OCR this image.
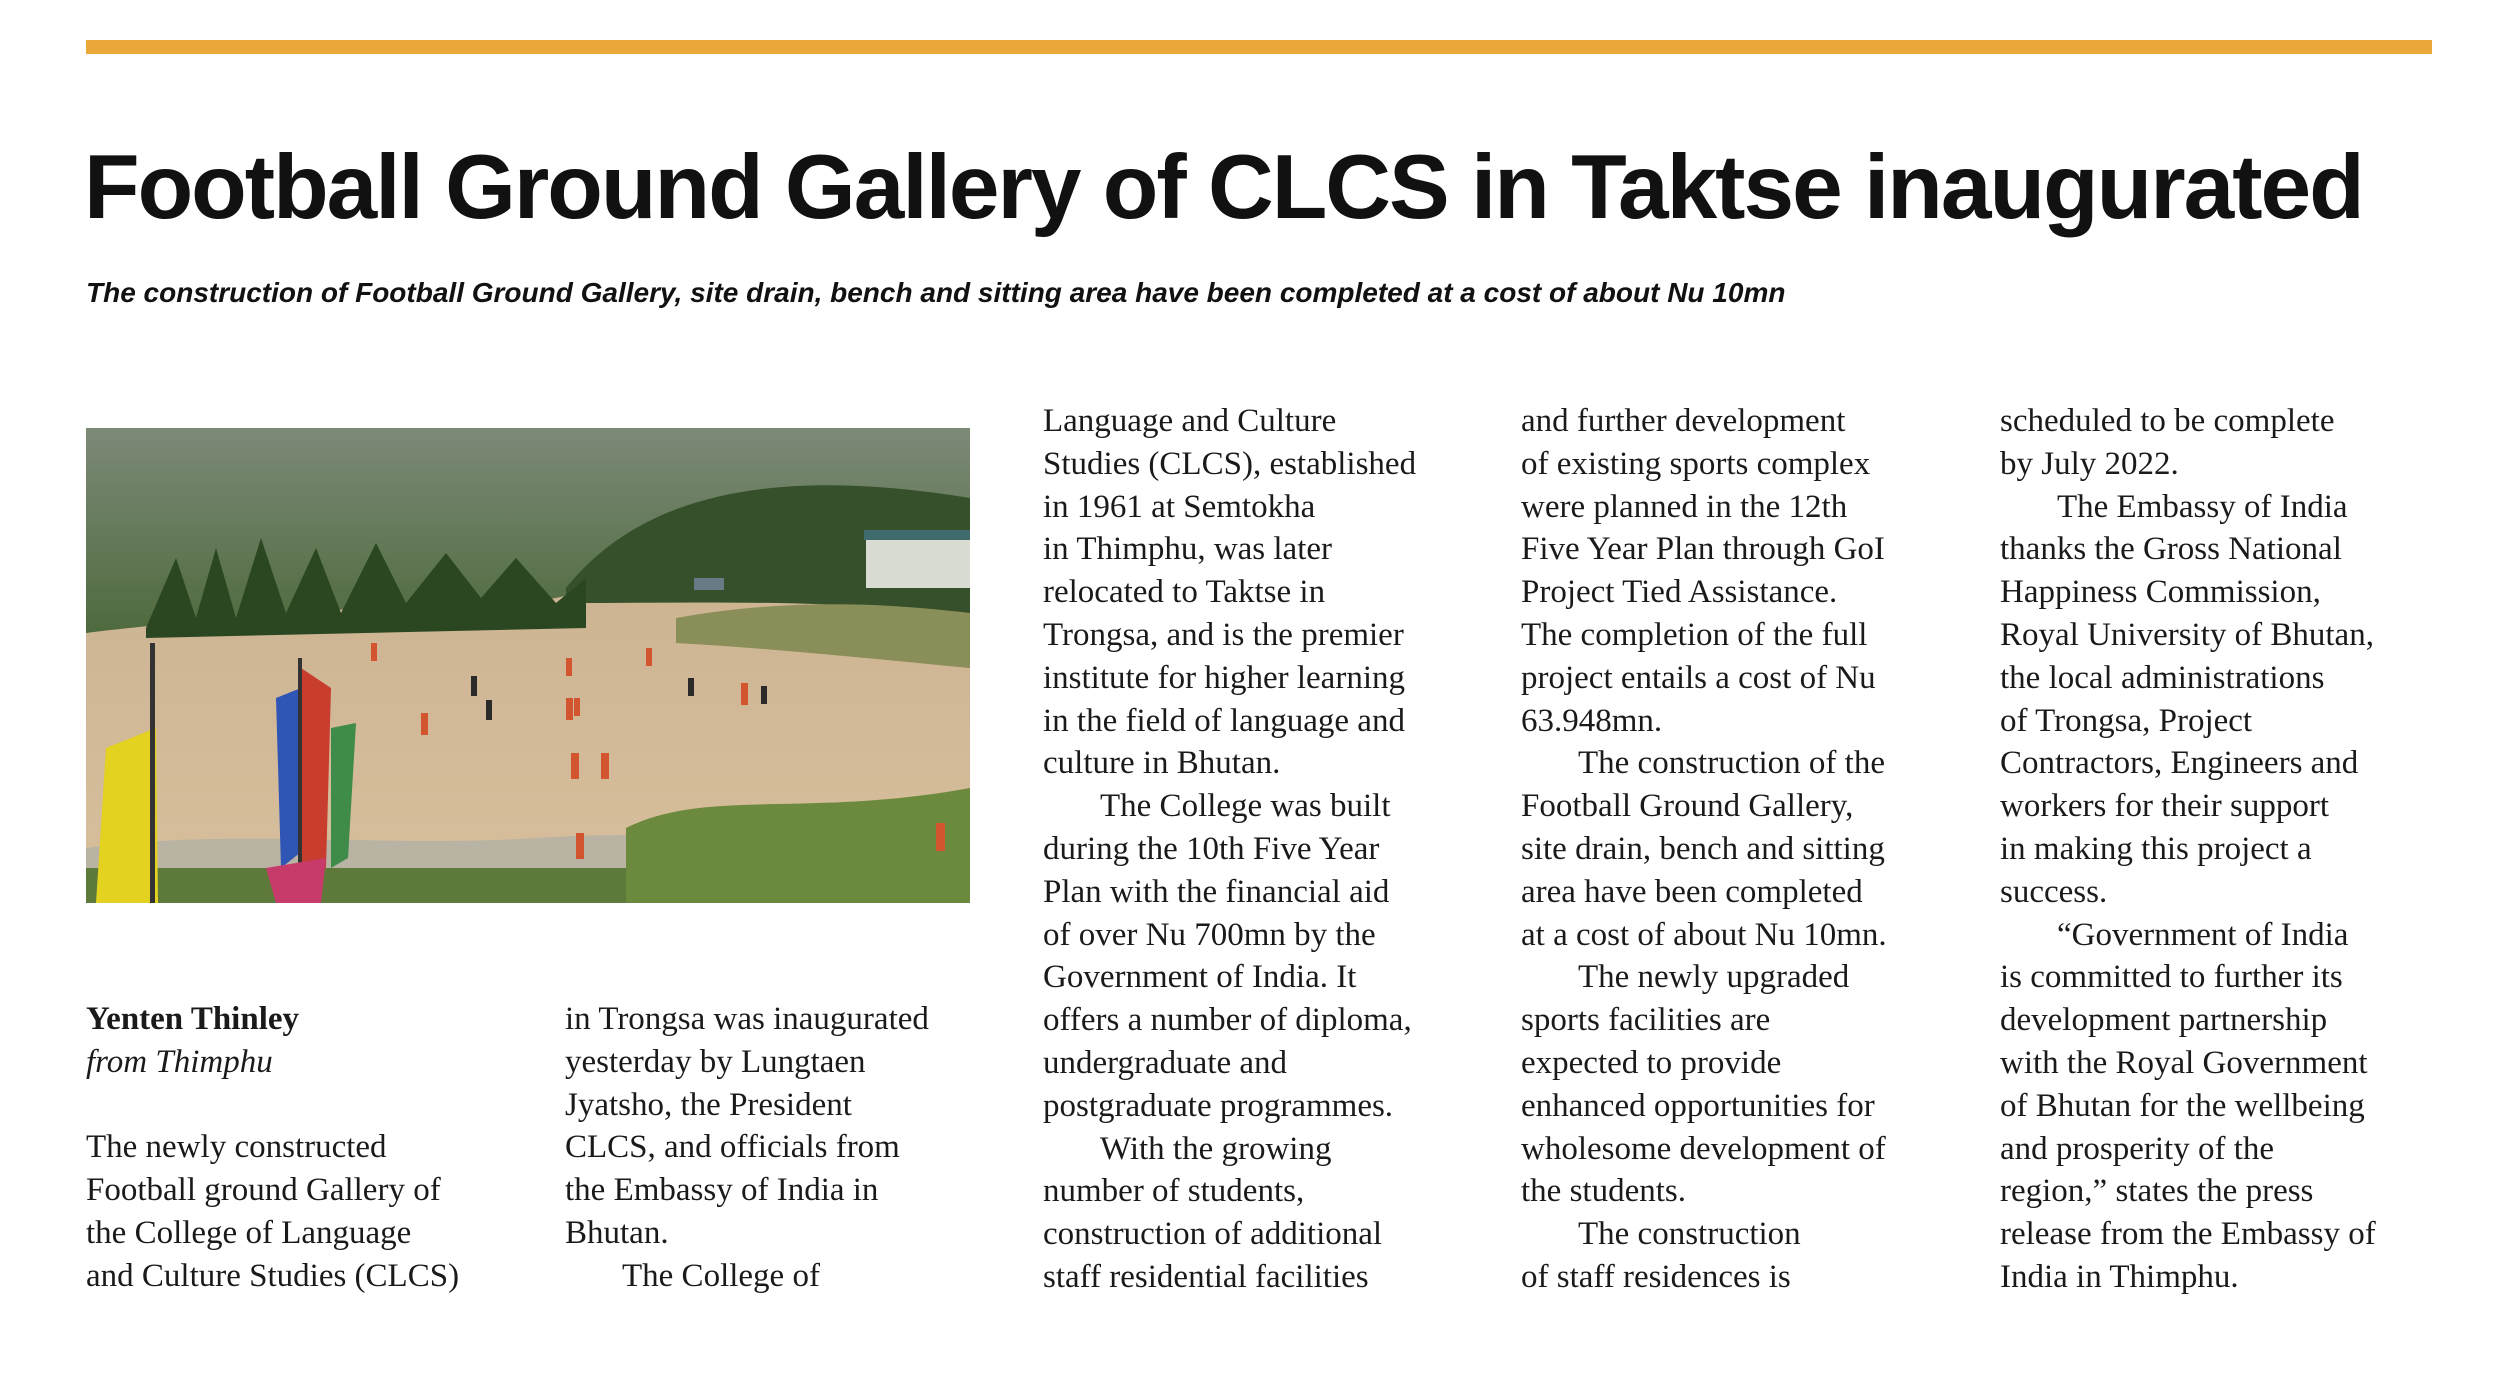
Football Ground Gallery of CLCS in Taktse inaugurated
The construction of Football Ground Gallery, site drain, bench and sitting area have been completed at a cost of about Nu 10mn
Yenten Thinley
from Thimphu

The newly constructed
Football ground Gallery of
the College of Language
and Culture Studies (CLCS)
in Trongsa was inaugurated
yesterday by Lungtaen
Jyatsho, the President
CLCS, and officials from
the Embassy of India in
Bhutan.
The College of
Language and Culture
Studies (CLCS), established
in 1961 at Semtokha
in Thimphu, was later
relocated to Taktse in
Trongsa, and is the premier
institute for higher learning
in the field of language and
culture in Bhutan.
The College was built
during the 10th Five Year
Plan with the financial aid
of over Nu 700mn by the
Government of India. It
offers a number of diploma,
undergraduate and
postgraduate programmes.
With the growing
number of students,
construction of additional
staff residential facilities
and further development
of existing sports complex
were planned in the 12th
Five Year Plan through GoI
Project Tied Assistance.
The completion of the full
project entails a cost of Nu
63.948mn.
The construction of the
Football Ground Gallery,
site drain, bench and sitting
area have been completed
at a cost of about Nu 10mn.
The newly upgraded
sports facilities are
expected to provide
enhanced opportunities for
wholesome development of
the students.
The construction
of staff residences is
scheduled to be complete
by July 2022.
The Embassy of India
thanks the Gross National
Happiness Commission,
Royal University of Bhutan,
the local administrations
of Trongsa, Project
Contractors, Engineers and
workers for their support
in making this project a
success.
“Government of India
is committed to further its
development partnership
with the Royal Government
of Bhutan for the wellbeing
and prosperity of the
region,” states the press
release from the Embassy of
India in Thimphu.
